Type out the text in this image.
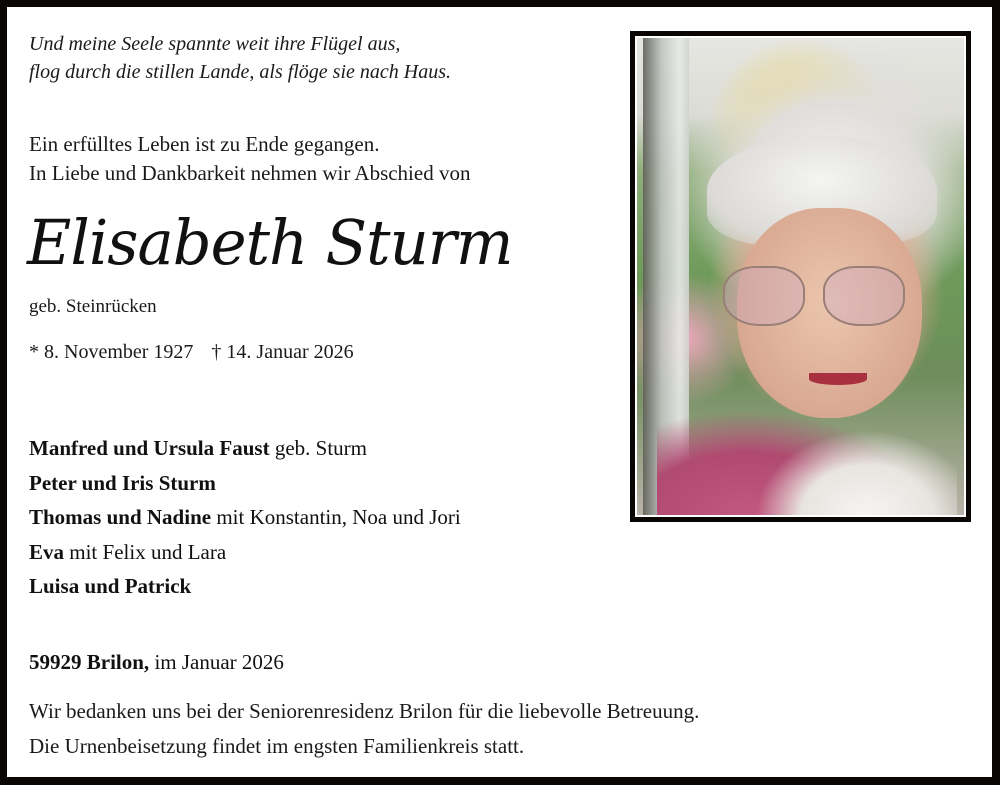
Und meine Seele spannte weit ihre Flügel aus,
flog durch die stillen Lande, als flöge sie nach Haus.
Ein erfülltes Leben ist zu Ende gegangen.
In Liebe und Dankbarkeit nehmen wir Abschied von
Elisabeth Sturm
geb. Steinrücken
* 8. November 1927 † 14. Januar 2026
Manfred und Ursula Faust geb. Sturm
Peter und Iris Sturm
Thomas und Nadine mit Konstantin, Noa und Jori
Eva mit Felix und Lara
Luisa und Patrick
59929 Brilon, im Januar 2026
Wir bedanken uns bei der Seniorenresidenz Brilon für die liebevolle Betreuung.
Die Urnenbeisetzung findet im engsten Familienkreis statt.
